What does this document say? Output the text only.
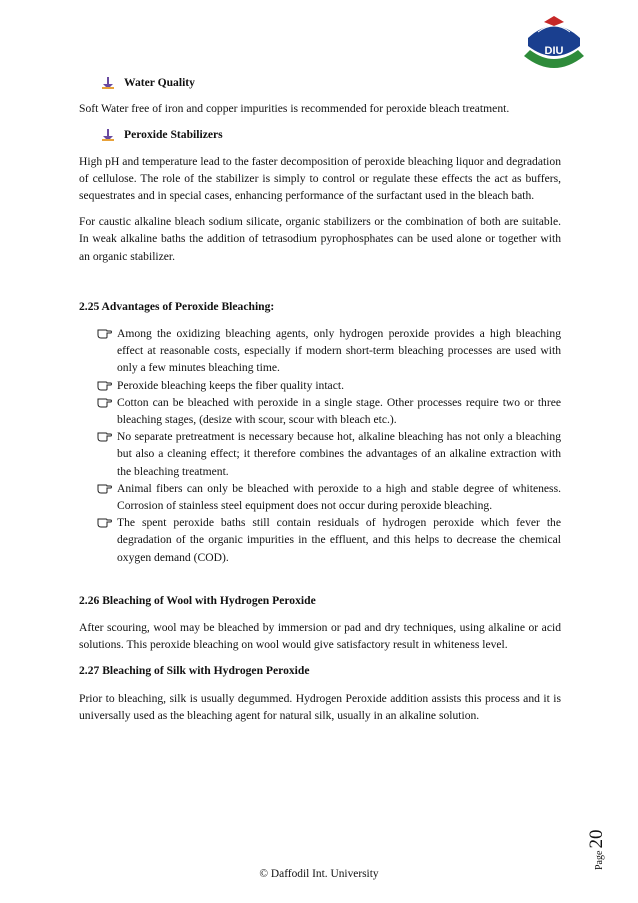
DIU
Water Quality

Soft Water free of iron and copper impurities is recommended for peroxide bleach treatment.

Peroxide Stabilizers

High pH and temperature lead to the faster decomposition of peroxide bleaching liquor and degradation of cellulose. The role of the stabilizer is simply to control or regulate these effects the act as buffers, sequestrates and in special cases, enhancing performance of the surfactant used in the bleach bath.

For caustic alkaline bleach sodium silicate, organic stabilizers or the combination of both are suitable. In weak alkaline baths the addition of tetrasodium pyrophosphates can be used alone or together with an organic stabilizer.

2.25 Advantages of Peroxide Bleaching:
Among the oxidizing bleaching agents, only hydrogen peroxide provides a high bleaching effect at reasonable costs, especially if modern short-term bleaching processes are used with only a few minutes bleaching time.
Peroxide bleaching keeps the fiber quality intact.
Cotton can be bleached with peroxide in a single stage. Other processes require two or three bleaching stages, (desize with scour, scour with bleach etc.).
No separate pretreatment is necessary because hot, alkaline bleaching has not only a bleaching but also a cleaning effect; it therefore combines the advantages of an alkaline extraction with the bleaching treatment.
Animal fibers can only be bleached with peroxide to a high and stable degree of whiteness. Corrosion of stainless steel equipment does not occur during peroxide bleaching.
The spent peroxide baths still contain residuals of hydrogen peroxide which fever the degradation of the organic impurities in the effluent, and this helps to decrease the chemical oxygen demand (COD).
2.26 Bleaching of Wool with Hydrogen Peroxide

After scouring, wool may be bleached by immersion or pad and dry techniques, using alkaline or acid solutions. This peroxide bleaching on wool would give satisfactory result in whiteness level.

2.27 Bleaching of Silk with Hydrogen Peroxide

Prior to bleaching, silk is usually degummed. Hydrogen Peroxide addition assists this process and it is universally used as the bleaching agent for natural silk, usually in an alkaline solution.

Page
20
© Daffodil Int. University
